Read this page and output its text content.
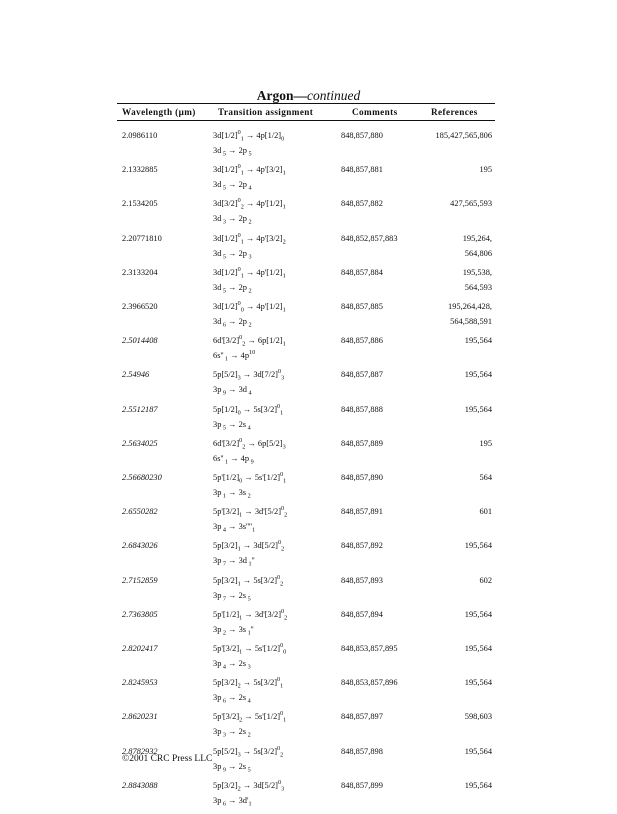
Argon—continued
Wavelength (μm) Transition assignment	Comments	References
2.0986110	$3d[1/2]^0_1 \to 4p[1/2]_0$
3d $_5$ → 2p $_5$
848,857,880	185,427,565,806
2.1332885	$3d[1/2]^0_1 \to 4p'[3/2]_1$
3d $_5$ → 2p $_4$
848,857,881	195
2.1534205	$3d[3/2]^0_2 \to 4p'[1/2]_1$
3d $_3$ → 2p $_2$
848,857,882	427,565,593
2.20771810	$3d[1/2]^0_1 \to 4p'[3/2]_2$
3d $_5$ → 2p $_3$
848,852,857,883	195,264,
564,806
2.3133204	$3d[1/2]^0_1 \to 4p'[1/2]_1$
3d $_5$ → 2p $_2$
848,857,884	195,538,
564,593
2.3966520	$3d[1/2]^0_0 \to 4p'[1/2]_1$
3d $_6$ → 2p $_2$
848,857,885	195,264,428,
564,588,591
2.5014408	$6d'[3/2]^0_2 \to 6p[1/2]_1$
6s'' $_1 \to 4p^{10}$
848,857,886	195,564
2.54946	$5p[5/2]_3 \to 3d[7/2]^0_3$
3p $_9$ → 3d $_4$
848,857,887	195,564
2.5512187	$5p[1/2]_0 \to 5s[3/2]^0_1$
3p $_5$ → 2s $_4$
848,857,888	195,564
2.5634025	$6d'[3/2]^0_2 \to 6p[5/2]_3$
6s'' $_1$ → 4p $_9$
848,857,889	195
2.56680230	$5p'[1/2]_0 \to 5s'[1/2]^0_1$
3p $_1$ → 3s $_2$
848,857,890	564
2.6550282	$5p'[3/2]_1 \to 3d'[5/2]^0_2$
3p $_4 \to 3s''''_1$
848,857,891	601
2.6843026	$5p[3/2]_1 \to 3d[5/2]^0_2$
3p $_7$ → 3d $_1$''
848,857,892	195,564
2.7152859	$5p[3/2]_1 \to 5s[3/2]^0_2$
3p $_7$ → 2s $_5$
848,857,893	602
2.7363805	$5p'[1/2]_1 \to 3d'[3/2]^0_2$
3p $_2$ → 3s $_1$''
848,857,894	195,564
2.8202417	$5p'[3/2]_1 \to 5s'[1/2]^0_0$
3p $_4$ → 2s $_3$
848,853,857,895	195,564
2.8245953	$5p[3/2]_2 \to 5s[3/2]^0_1$
3p $_6$ → 2s $_4$
848,853,857,896	195,564
2.8620231	$5p'[3/2]_2 \to 5s'[1/2]^0_1$
3p $_3$ → 2s $_2$
848,857,897	598,603
2.8782932	$5p[5/2]_3 \to 5s[3/2]^0_2$
3p $_9$ → 2s $_5$
848,857,898	195,564
2.8843088	$5p[3/2]_2 \to 3d[5/2]^0_3$
3p $_6 \to 3d'_1$
848,857,899	195,564
©2001 CRC Press LLC
